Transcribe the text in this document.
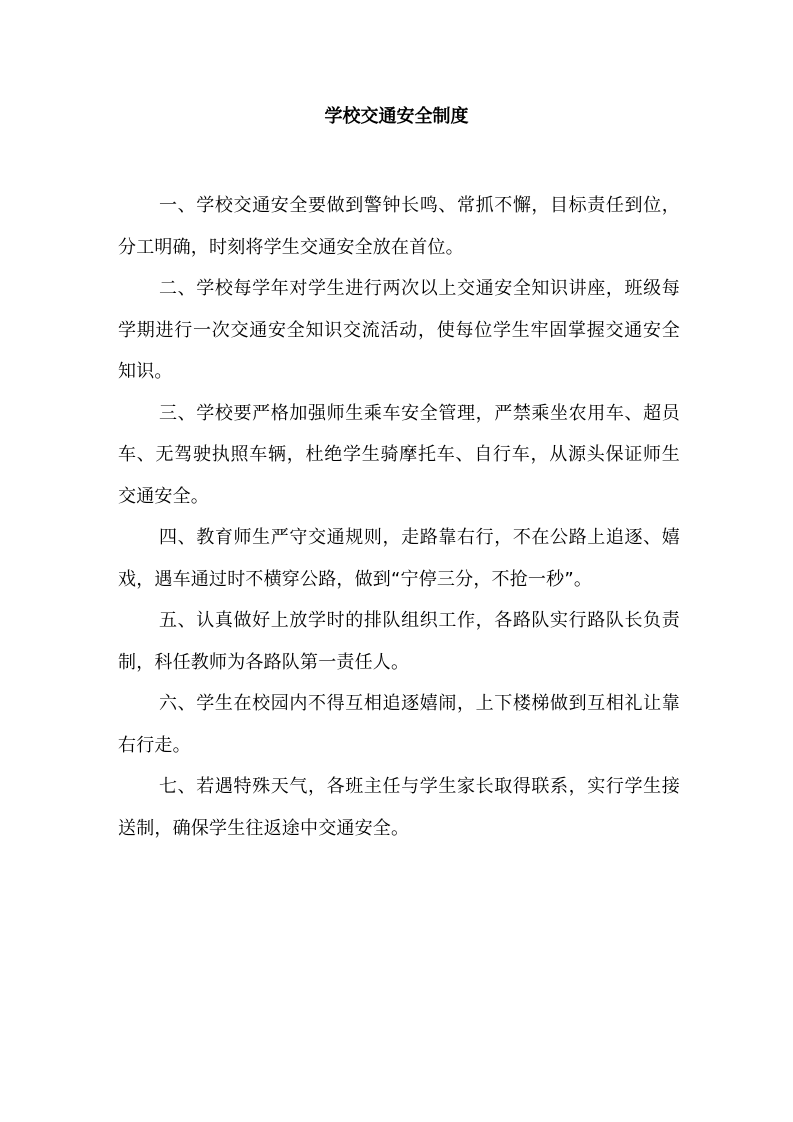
学校交通安全制度

一、学校交通安全要做到警钟长鸣、常抓不懈，目标责任到位，分工明确，时刻将学生交通安全放在首位。

二、学校每学年对学生进行两次以上交通安全知识讲座，班级每学期进行一次交通安全知识交流活动，使每位学生牢固掌握交通安全知识。

三、学校要严格加强师生乘车安全管理，严禁乘坐农用车、超员车、无驾驶执照车辆，杜绝学生骑摩托车、自行车，从源头保证师生交通安全。

四、教育师生严守交通规则，走路靠右行，不在公路上追逐、嬉戏，遇车通过时不横穿公路，做到“宁停三分，不抢一秒”。

五、认真做好上放学时的排队组织工作，各路队实行路队长负责制，科任教师为各路队第一责任人。

六、学生在校园内不得互相追逐嬉闹，上下楼梯做到互相礼让靠右行走。

七、若遇特殊天气，各班主任与学生家长取得联系，实行学生接送制，确保学生往返途中交通安全。
